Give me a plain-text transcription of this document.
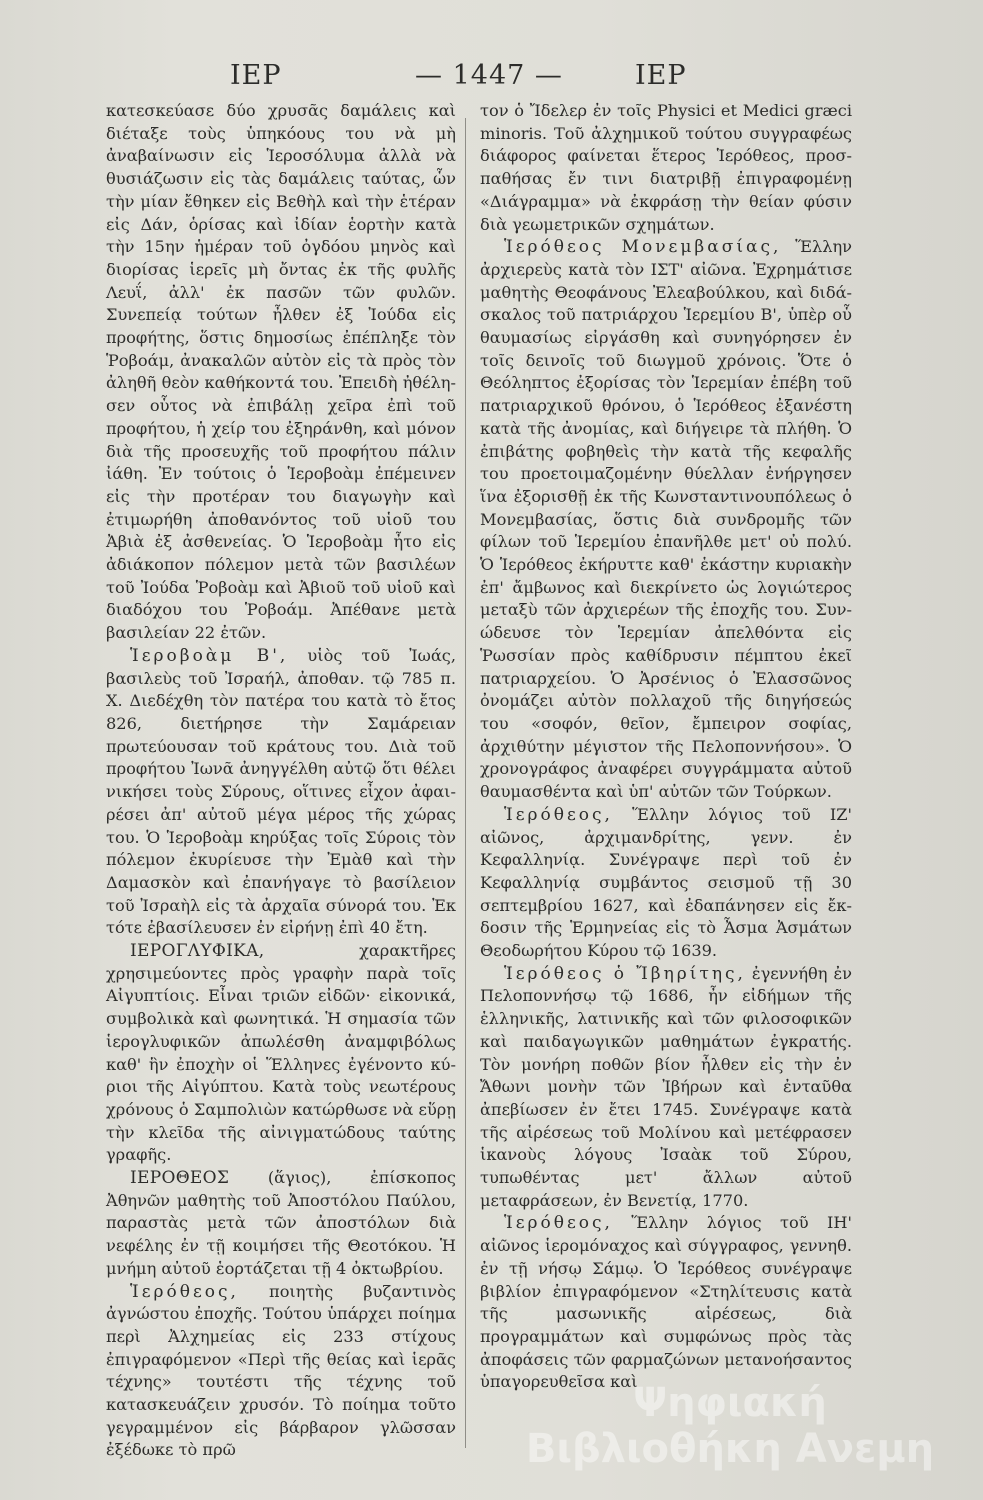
IEP	— 1447 —	IEP

κατεσκεύασε δύο χρυσᾶς δαμάλεις καὶ διέταξε τοὺς ὑπηκόους του νὰ μὴ ἀναβαίνωσιν εἰς Ἱεροσόλυμα ἀλλὰ νὰ θυσιάζωσιν εἰς τὰς δαμάλεις ταύτας, ὧν τὴν μίαν ἔθηκεν εἰς Βεθὴλ καὶ τὴν ἑτέραν εἰς Δάν, ὁρίσας καὶ ἰδίαν ἑορτὴν κατὰ τὴν 15ην ἡμέραν τοῦ ὀγδόου μηνὸς καὶ διορίσας ἱερεῖς μὴ ὄντας ἐκ τῆς φυλῆς Λευΐ, ἀλλ' ἐκ πασῶν τῶν φυλῶν. Συνεπείᾳ τούτων ἦλθεν ἐξ Ἰούδα εἰς προφήτης, ὅστις δημοσίως ἐπέπληξε τὸν Ῥοβοάμ, ἀνακαλῶν αὐτὸν εἰς τὰ πρὸς τὸν ἀληθῆ θεὸν καθήκοντά του. Ἐπειδὴ ἠθέλησεν οὗτος νὰ ἐπιβάλῃ χεῖρα ἐπὶ τοῦ προφήτου, ἡ χείρ του ἐξηράνθη, καὶ μόνον διὰ τῆς προσευχῆς τοῦ προφήτου πάλιν ἰάθη. Ἐν τούτοις ὁ Ἱεροβοὰμ ἐπέμεινεν εἰς τὴν προτέραν του διαγωγὴν καὶ ἐτιμωρήθη ἀποθανόντος τοῦ υἱοῦ του Ἀβιὰ ἐξ ἀσθενείας. Ὁ Ἱεροβοὰμ ἦτο εἰς ἀδιάκοπον πόλεμον μετὰ τῶν βασιλέων τοῦ Ἰούδα Ῥοβοὰμ καὶ Ἀβιοῦ τοῦ υἱοῦ καὶ διαδόχου του Ῥοβοάμ. Ἀπέθανε μετὰ βασιλείαν 22 ἐτῶν.

Ἱεροβοὰμ Β', υἱὸς τοῦ Ἰωάς, βασιλεὺς τοῦ Ἰσραήλ, ἀποθαν. τῷ 785 π. Χ. Διεδέχθη τὸν πατέρα του κατὰ τὸ ἔτος 826, διετήρησε τὴν Σαμάρειαν πρωτεύουσαν τοῦ κράτους του. Διὰ τοῦ προφήτου Ἰωνᾶ ἀνηγγέλθη αὐτῷ ὅτι θέλει νικήσει τοὺς Σύρους, οἵτινες εἶχον ἀφαιρέσει ἀπ' αὐτοῦ μέγα μέρος τῆς χώρας του. Ὁ Ἱεροβοὰμ κηρύξας τοῖς Σύροις τὸν πόλεμον ἐκυρίευσε τὴν Ἐμὰθ καὶ τὴν Δαμασκὸν καὶ ἐπανήγαγε τὸ βασίλειον τοῦ Ἰσραὴλ εἰς τὰ ἀρχαῖα σύνορά του. Ἐκ τότε ἐβασίλευσεν ἐν εἰρήνῃ ἐπὶ 40 ἔτη.

ΙΕΡΟΓΛΥΦΙΚΑ, χαρακτῆρες χρησιμεύοντες πρὸς γραφὴν παρὰ τοῖς Αἰγυπτίοις. Εἶναι τριῶν εἰδῶν· εἰκονικά, συμβολικὰ καὶ φωνητικά. Ἡ σημασία τῶν ἱερογλυφικῶν ἀπωλέσθη ἀναμφιβόλως καθ' ἣν ἐποχὴν οἱ Ἕλληνες ἐγένοντο κύριοι τῆς Αἰγύπτου. Κατὰ τοὺς νεωτέρους χρόνους ὁ Σαμπολιὼν κατώρθωσε νὰ εὕρῃ τὴν κλεῖδα τῆς αἰνιγματώδους ταύτης γραφῆς.

ΙΕΡΟΘΕΟΣ (ἅγιος), ἐπίσκοπος Ἀθηνῶν μαθητὴς τοῦ Ἀποστόλου Παύλου, παραστὰς μετὰ τῶν ἀποστόλων διὰ νεφέλης ἐν τῇ κοιμήσει τῆς Θεοτόκου. Ἡ μνήμη αὐτοῦ ἑορτάζεται τῇ 4 ὀκτωβρίου.

Ἱερόθεος, ποιητὴς βυζαντινὸς ἀγνώστου ἐποχῆς. Τούτου ὑπάρχει ποίημα περὶ Ἀλχημείας εἰς 233 στίχους ἐπιγραφόμενον «Περὶ τῆς θείας καὶ ἱερᾶς τέχνης» τουτέστι τῆς τέχνης τοῦ κατασκευάζειν χρυσόν. Τὸ ποίημα τοῦτο γεγραμμένον εἰς βάρβαρον γλῶσσαν ἐξέδωκε τὸ πρῶ

τον ὁ Ἴδελερ ἐν τοῖς Physici et Medici græci minoris. Τοῦ ἀλχημικοῦ τούτου συγγραφέως διάφορος φαίνεται ἕτερος Ἱερόθεος, προσπαθήσας ἔν τινι διατριβῇ ἐπιγραφομένῃ «Διάγραμμα» νὰ ἐκφράσῃ τὴν θείαν φύσιν διὰ γεωμετρικῶν σχημάτων.

Ἱερόθεος Μονεμβασίας, Ἕλλην ἀρχιερεὺς κατὰ τὸν ΙΣΤ' αἰῶνα. Ἐχρημάτισε μαθητὴς Θεοφάνους Ἐλεαβούλκου, καὶ διδάσκαλος τοῦ πατριάρχου Ἱερεμίου Β', ὑπὲρ οὗ θαυμασίως εἰργάσθη καὶ συνηγόρησεν ἐν τοῖς δεινοῖς τοῦ διωγμοῦ χρόνοις. Ὅτε ὁ Θεόληπτος ἐξορίσας τὸν Ἱερεμίαν ἐπέβη τοῦ πατριαρχικοῦ θρόνου, ὁ Ἱερόθεος ἐξανέστη κατὰ τῆς ἀνομίας, καὶ διήγειρε τὰ πλήθη. Ὁ ἐπιβάτης φοβηθεὶς τὴν κατὰ τῆς κεφαλῆς του προετοιμαζομένην θύελλαν ἐνήργησεν ἵνα ἐξορισθῇ ἐκ τῆς Κωνσταντινουπόλεως ὁ Μονεμβασίας, ὅστις διὰ συνδρομῆς τῶν φίλων τοῦ Ἱερεμίου ἐπανῆλθε μετ' οὐ πολύ. Ὁ Ἱερόθεος ἐκήρυττε καθ' ἑκάστην κυριακὴν ἐπ' ἄμβωνος καὶ διεκρίνετο ὡς λογιώτερος μεταξὺ τῶν ἀρχιερέων τῆς ἐποχῆς του. Συνώδευσε τὸν Ἱερεμίαν ἀπελθόντα εἰς Ῥωσσίαν πρὸς καθίδρυσιν πέμπτου ἐκεῖ πατριαρχείου. Ὁ Ἀρσένιος ὁ Ἐλασσῶνος ὀνομάζει αὐτὸν πολλαχοῦ τῆς διηγήσεώς του «σοφόν, θεῖον, ἔμπειρον σοφίας, ἀρχιθύτην μέγιστον τῆς Πελοποννήσου». Ὁ χρονογράφος ἀναφέρει συγγράμματα αὐτοῦ θαυμασθέντα καὶ ὑπ' αὐτῶν τῶν Τούρκων.

Ἱερόθεος, Ἕλλην λόγιος τοῦ ΙΖ' αἰῶνος, ἀρχιμανδρίτης, γενν. ἐν Κεφαλληνίᾳ. Συνέγραψε περὶ τοῦ ἐν Κεφαλληνίᾳ συμβάντος σεισμοῦ τῇ 30 σεπτεμβρίου 1627, καὶ ἐδαπάνησεν εἰς ἔκδοσιν τῆς Ἑρμηνείας εἰς τὸ Ἆσμα Ἀσμάτων Θεοδωρήτου Κύρου τῷ 1639.

Ἱερόθεος ὁ Ἴβηρίτης, ἐγεννήθη ἐν Πελοποννήσῳ τῷ 1686, ἦν εἰδήμων τῆς ἑλληνικῆς, λατινικῆς καὶ τῶν φιλοσοφικῶν καὶ παιδαγωγικῶν μαθημάτων ἐγκρατής. Τὸν μονήρη ποθῶν βίον ἦλθεν εἰς τὴν ἐν Ἄθωνι μονὴν τῶν Ἰβήρων καὶ ἐνταῦθα ἀπεβίωσεν ἐν ἔτει 1745. Συνέγραψε κατὰ τῆς αἱρέσεως τοῦ Μολίνου καὶ μετέφρασεν ἱκανοὺς λόγους Ἰσαὰκ τοῦ Σύρου, τυπωθέντας μετ' ἄλλων αὐτοῦ μεταφράσεων, ἐν Βενετίᾳ, 1770.

Ἱερόθεος, Ἕλλην λόγιος τοῦ ΙΗ' αἰῶνος ἱερομόναχος καὶ σύγγραφος, γεννηθ. ἐν τῇ νήσῳ Σάμῳ. Ὁ Ἱερόθεος συνέγραψε βιβλίον ἐπιγραφόμενον «Στηλίτευσις κατὰ τῆς μασωνικῆς αἱρέσεως, διὰ προγραμμάτων καὶ συμφώνως πρὸς τὰς ἀποφάσεις τῶν φαρμαζώνων μετανοήσαντος ὑπαγορευθεῖσα καὶ

Ψηφιακή Βιβλιοθήκη Ανεμη
